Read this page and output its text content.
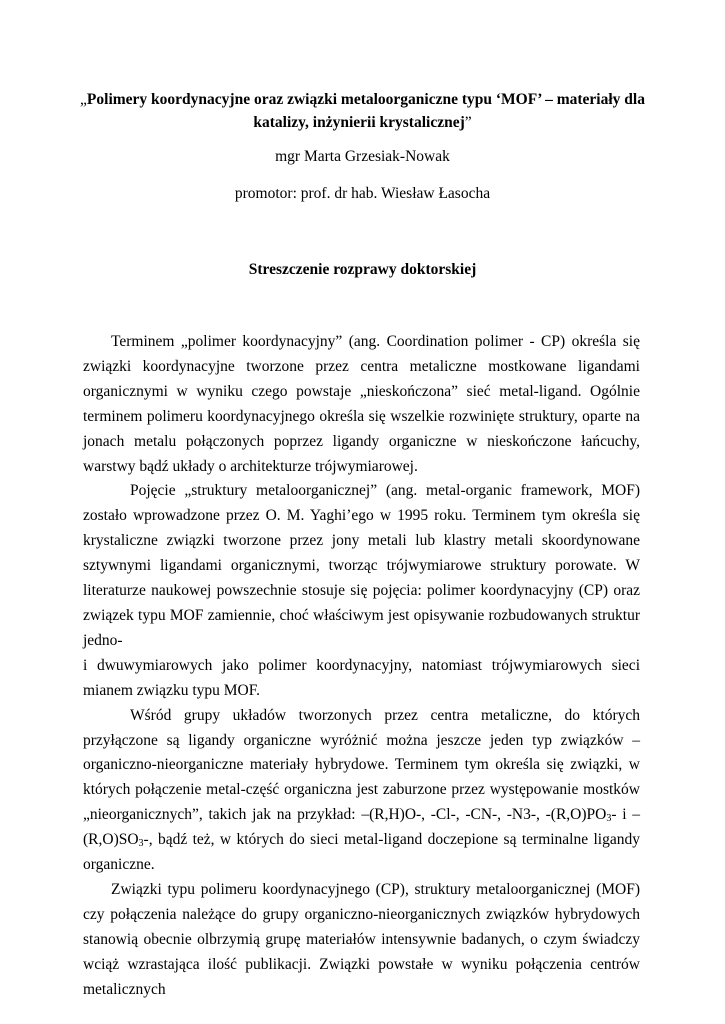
„Polimery koordynacyjne oraz związki metaloorganiczne typu ‘MOF’ – materiały dla
katalizy, inżynierii krystalicznej”

mgr Marta Grzesiak-Nowak

promotor: prof. dr hab. Wiesław Łasocha

Streszczenie rozprawy doktorskiej

Terminem „polimer koordynacyjny” (ang. Coordination polimer - CP) określa się związki koordynacyjne tworzone przez centra metaliczne mostkowane ligandami organicznymi w wyniku czego powstaje „nieskończona” sieć metal-ligand. Ogólnie terminem polimeru koordynacyjnego określa się wszelkie rozwinięte struktury, oparte na jonach metalu połączonych poprzez ligandy organiczne w nieskończone łańcuchy, warstwy bądź układy o architekturze trójwymiarowej.

Pojęcie „struktury metaloorganicznej” (ang. metal-organic framework, MOF) zostało wprowadzone przez O. M. Yaghi’ego w 1995 roku. Terminem tym określa się krystaliczne związki tworzone przez jony metali lub klastry metali skoordynowane sztywnymi ligandami organicznymi, tworząc trójwymiarowe struktury porowate. W literaturze naukowej powszechnie stosuje się pojęcia: polimer koordynacyjny (CP) oraz związek typu MOF zamiennie, choć właściwym jest opisywanie rozbudowanych struktur jedno-

i dwuwymiarowych jako polimer koordynacyjny, natomiast trójwymiarowych sieci mianem związku typu MOF.

Wśród grupy układów tworzonych przez centra metaliczne, do których przyłączone są ligandy organiczne wyróżnić można jeszcze jeden typ związków – organiczno-nieorganiczne materiały hybrydowe. Terminem tym określa się związki, w których połączenie metal-część organiczna jest zaburzone przez występowanie mostków „nieorganicznych”, takich jak na przykład: –(R,H)O-, -Cl-, -CN-, -N3-, $-(R,O)PO_3-$ i $-(R,O)SO_3-$, bądź też, w których do sieci metal-ligand doczepione są terminalne ligandy organiczne.

Związki typu polimeru koordynacyjnego (CP), struktury metaloorganicznej (MOF) czy połączenia należące do grupy organiczno-nieorganicznych związków hybrydowych stanowią obecnie olbrzymią grupę materiałów intensywnie badanych, o czym świadczy wciąż wzrastająca ilość publikacji. Związki powstałe w wyniku połączenia centrów metalicznych
